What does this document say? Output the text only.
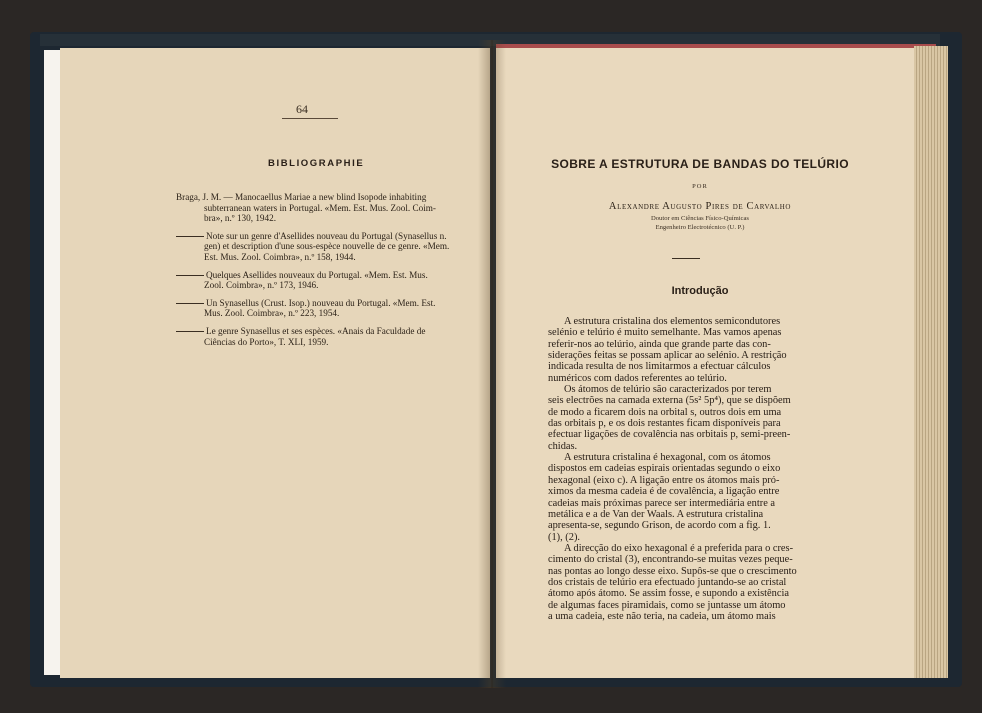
64
BIBLIOGRAPHIE
Braga, J. M. — Manocaellus Mariae a new blind Isopode inhabiting
subterranean waters in Portugal. «Mem. Est. Mus. Zool. Coim-
bra», n.º 130, 1942.
Note sur un genre d'Asellides nouveau du Portugal (Synasellus n.
gen) et description d'une sous-espèce nouvelle de ce genre. «Mem.
Est. Mus. Zool. Coimbra», n.º 158, 1944.
Quelques Asellides nouveaux du Portugal. «Mem. Est. Mus.
Zool. Coimbra», n.º 173, 1946.
Un Synasellus (Crust. Isop.) nouveau du Portugal. «Mem. Est.
Mus. Zool. Coimbra», n.º 223, 1954.
Le genre Synasellus et ses espèces. «Anais da Faculdade de
Ciências do Porto», T. XLI, 1959.
SOBRE A ESTRUTURA DE BANDAS DO TELÚRIO
POR
Alexandre Augusto Pires de Carvalho
Doutor em Ciências Físico-Químicas
Engenheiro Electrotécnico (U. P.)
Introdução
A estrutura cristalina dos elementos semicondutores
selénio e telúrio é muito semelhante. Mas vamos apenas
referir-nos ao telúrio, ainda que grande parte das con-
siderações feitas se possam aplicar ao selénio. A restrição
indicada resulta de nos limitarmos a efectuar cálculos
numéricos com dados referentes ao telúrio.
Os átomos de telúrio são caracterizados por terem
seis electrões na camada externa (5s² 5p⁴), que se dispõem
de modo a ficarem dois na orbital s, outros dois em uma
das orbitais p, e os dois restantes ficam disponíveis para
efectuar ligações de covalência nas orbitais p, semi-preen-
chidas.
A estrutura cristalina é hexagonal, com os átomos
dispostos em cadeias espirais orientadas segundo o eixo
hexagonal (eixo c). A ligação entre os átomos mais pró-
ximos da mesma cadeia é de covalência, a ligação entre
cadeias mais próximas parece ser intermediária entre a
metálica e a de Van der Waals. A estrutura cristalina
apresenta-se, segundo Grison, de acordo com a fig. 1.
(1), (2).
A direcção do eixo hexagonal é a preferida para o cres-
cimento do cristal (3), encontrando-se muitas vezes peque-
nas pontas ao longo desse eixo. Supôs-se que o crescimento
dos cristais de telúrio era efectuado juntando-se ao cristal
átomo após átomo. Se assim fosse, e supondo a existência
de algumas faces piramidais, como se juntasse um átomo
a uma cadeia, este não teria, na cadeia, um átomo mais
